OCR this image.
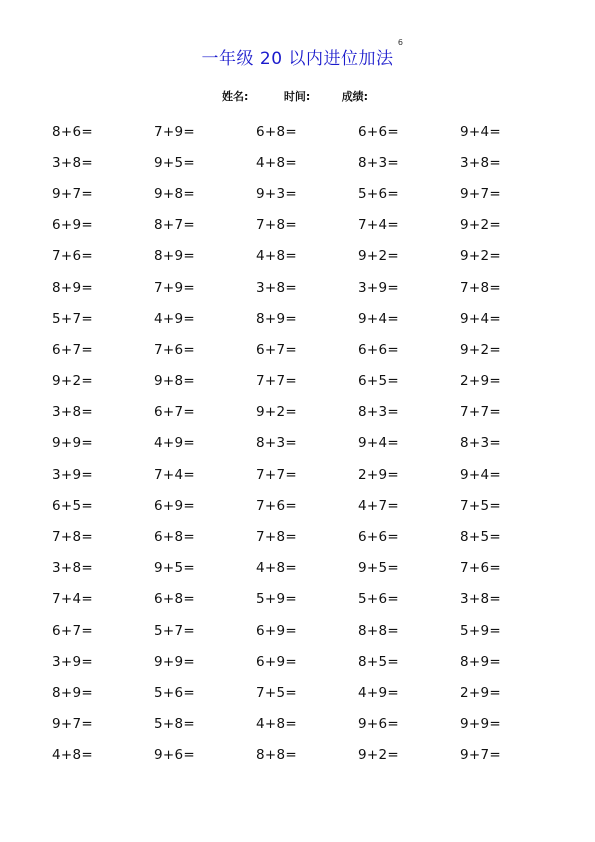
一年级 20 以内进位加法
6
姓名:	时间:	成绩:
8+6=	7+9=	6+8=	6+6=	9+4=
3+8=	9+5=	4+8=	8+3=	3+8=
9+7=	9+8=	9+3=	5+6=	9+7=
6+9=	8+7=	7+8=	7+4=	9+2=
7+6=	8+9=	4+8=	9+2=	9+2=
8+9=	7+9=	3+8=	3+9=	7+8=
5+7=	4+9=	8+9=	9+4=	9+4=
6+7=	7+6=	6+7=	6+6=	9+2=
9+2=	9+8=	7+7=	6+5=	2+9=
3+8=	6+7=	9+2=	8+3=	7+7=
9+9=	4+9=	8+3=	9+4=	8+3=
3+9=	7+4=	7+7=	2+9=	9+4=
6+5=	6+9=	7+6=	4+7=	7+5=
7+8=	6+8=	7+8=	6+6=	8+5=
3+8=	9+5=	4+8=	9+5=	7+6=
7+4=	6+8=	5+9=	5+6=	3+8=
6+7=	5+7=	6+9=	8+8=	5+9=
3+9=	9+9=	6+9=	8+5=	8+9=
8+9=	5+6=	7+5=	4+9=	2+9=
9+7=	5+8=	4+8=	9+6=	9+9=
4+8=	9+6=	8+8=	9+2=	9+7=
